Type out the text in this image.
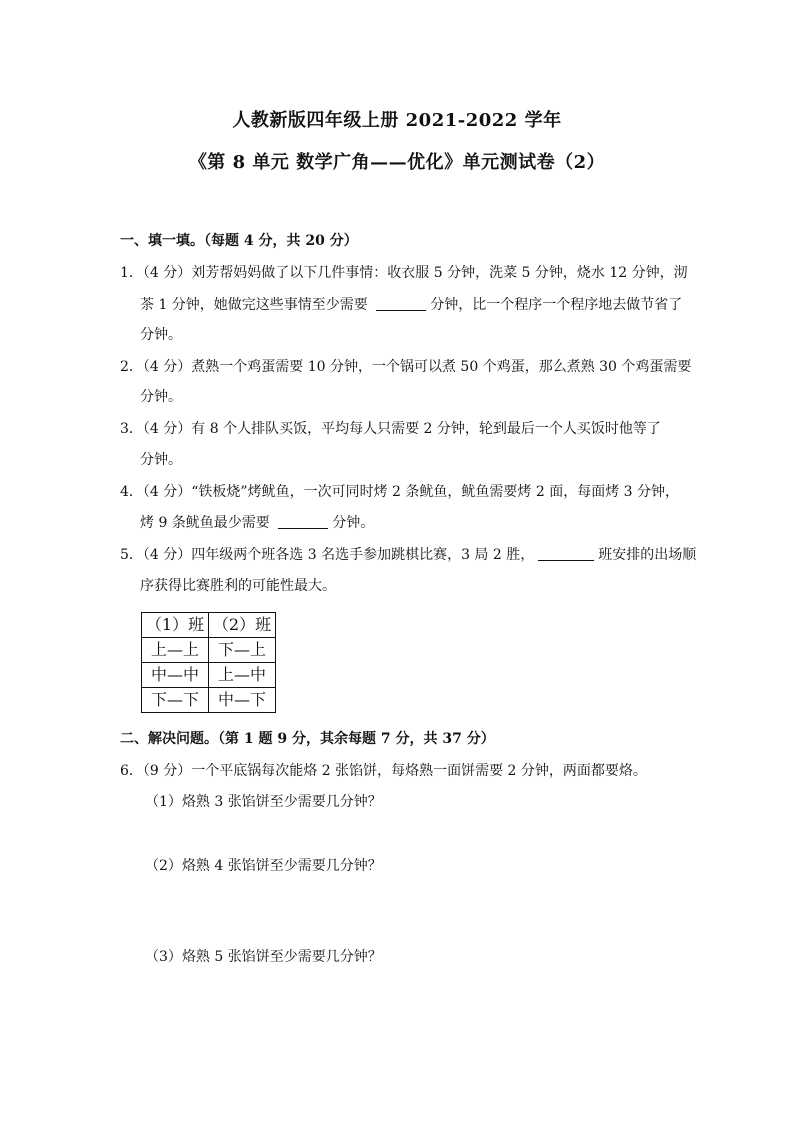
人教新版四年级上册 2021-2022 学年
《第 8 单元 数学广角——优化》单元测试卷（2）
一、填一填。（每题 4 分，共 20 分）
1．（4 分）刘芳帮妈妈做了以下几件事情：收衣服 5 分钟，洗菜 5 分钟，烧水 12 分钟，沏
茶 1 分钟，她做完这些事情至少需要	分钟，比一个程序一个程序地去做节省了
分钟。
2．（4 分）煮熟一个鸡蛋需要 10 分钟，一个锅可以煮 50 个鸡蛋，那么煮熟 30 个鸡蛋需要
分钟。
3．（4 分）有 8 个人排队买饭，平均每人只需要 2 分钟，轮到最后一个人买饭时他等了
分钟。
4．（4 分）“铁板烧”烤鱿鱼，一次可同时烤 2 条鱿鱼，鱿鱼需要烤 2 面，每面烤 3 分钟，
烤 9 条鱿鱼最少需要	分钟。
5．（4 分）四年级两个班各选 3 名选手参加跳棋比赛，3 局 2 胜，	班安排的出场顺
序获得比赛胜利的可能性最大。
（1）班	（2）班
上—上	下—上
中—中	上—中
下—下	中—下
二、解决问题。（第 1 题 9 分，其余每题 7 分，共 37 分）
6．（9 分）一个平底锅每次能烙 2 张馅饼，每烙熟一面饼需要 2 分钟，两面都要烙。
（1）烙熟 3 张馅饼至少需要几分钟？
（2）烙熟 4 张馅饼至少需要几分钟？
（3）烙熟 5 张馅饼至少需要几分钟？
